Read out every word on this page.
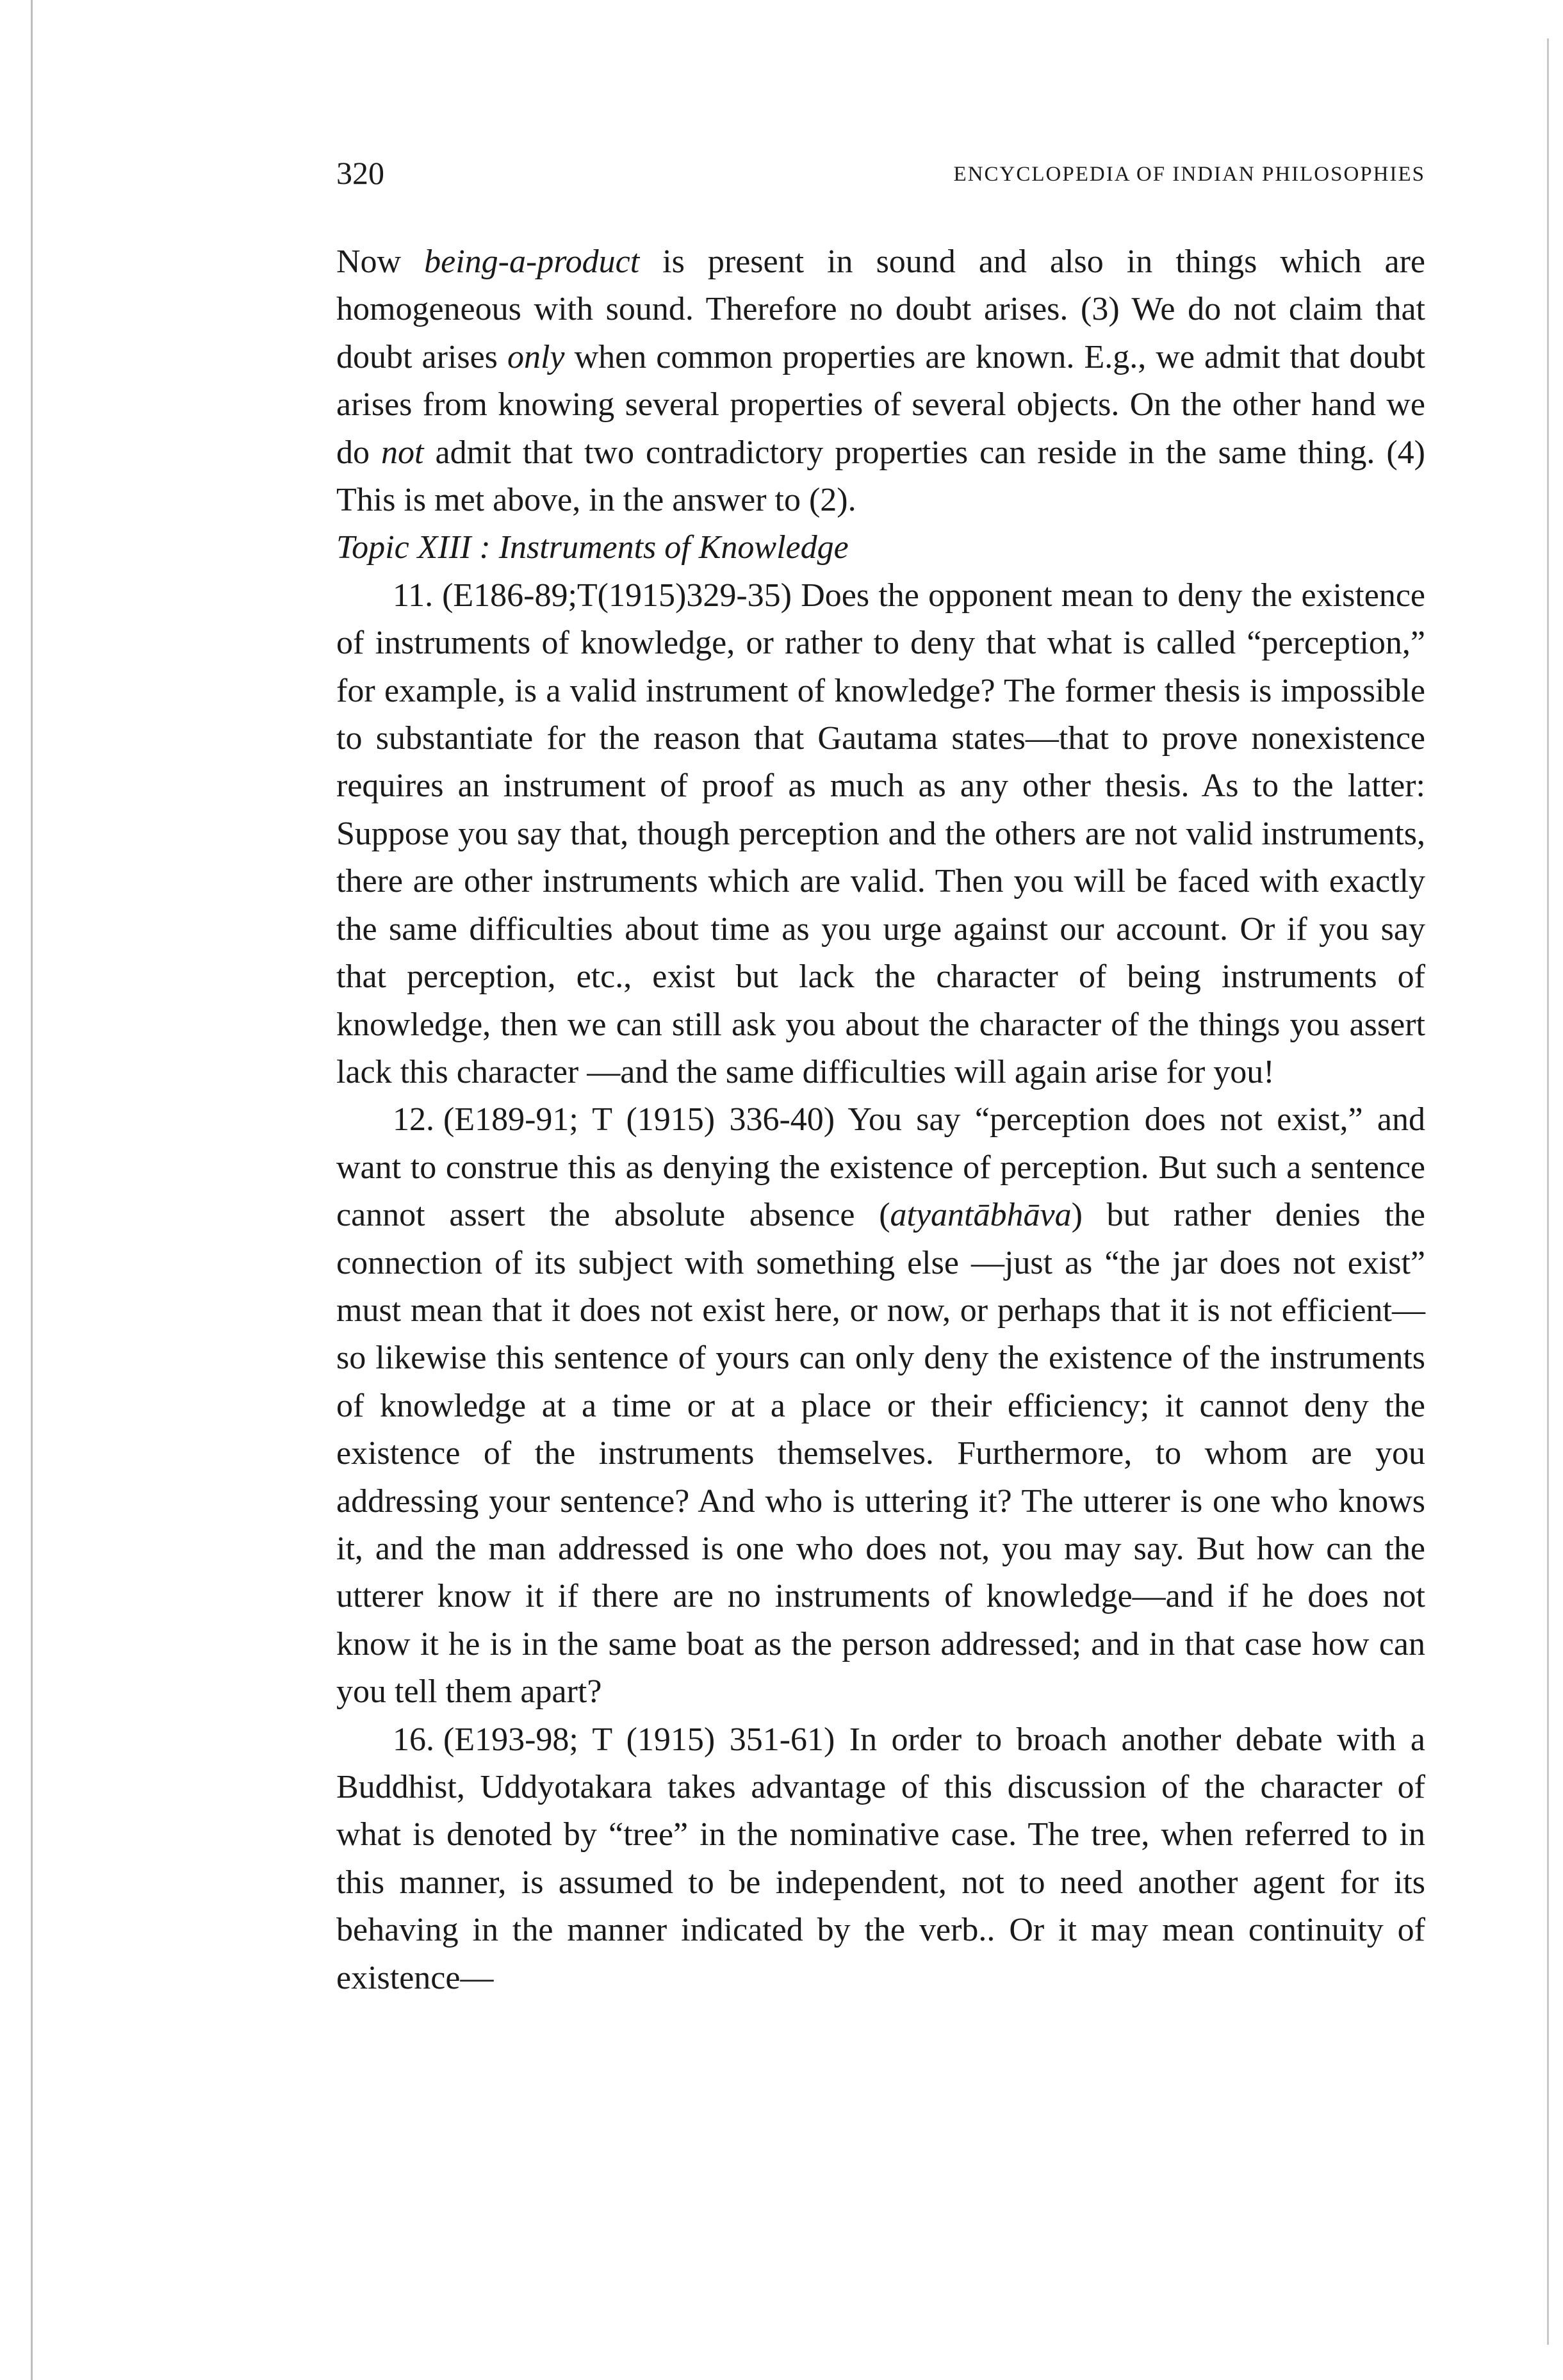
320	ENCYCLOPEDIA OF INDIAN PHILOSOPHIES

Now being-a-product is present in sound and also in things which are homogeneous with sound. Therefore no doubt arises. (3) We do not claim that doubt arises only when common properties are known. E.g., we admit that doubt arises from knowing several properties of several objects. On the other hand we do not admit that two contradictory properties can reside in the same thing. (4) This is met above, in the answer to (2).

Topic XIII : Instruments of Knowledge

11. (E186-89;T(1915)329-35) Does the opponent mean to deny the existence of instruments of knowledge, or rather to deny that what is called “perception,” for example, is a valid instrument of knowledge? The former thesis is impossible to substantiate for the reason that Gautama states—that to prove nonexistence requires an instrument of proof as much as any other thesis. As to the latter: Suppose you say that, though perception and the others are not valid instruments, there are other instruments which are valid. Then you will be faced with exactly the same difficulties about time as you urge against our account. Or if you say that perception, etc., exist but lack the character of being instruments of knowledge, then we can still ask you about the character of the things you assert lack this character —and the same difficulties will again arise for you!

12. (E189-91; T (1915) 336-40) You say “perception does not exist,” and want to construe this as denying the existence of perception. But such a sentence cannot assert the absolute absence (atyantābhāva) but rather denies the connection of its subject with something else —just as “the jar does not exist” must mean that it does not exist here, or now, or perhaps that it is not efficient—so likewise this sentence of yours can only deny the existence of the instruments of knowledge at a time or at a place or their efficiency; it cannot deny the existence of the instruments themselves. Furthermore, to whom are you addressing your sentence? And who is uttering it? The utterer is one who knows it, and the man addressed is one who does not, you may say. But how can the utterer know it if there are no instruments of knowledge—and if he does not know it he is in the same boat as the person addressed; and in that case how can you tell them apart?

16. (E193-98; T (1915) 351-61) In order to broach another debate with a Buddhist, Uddyotakara takes advantage of this discussion of the character of what is denoted by “tree” in the nominative case. The tree, when referred to in this manner, is assumed to be independent, not to need another agent for its behaving in the manner indicated by the verb.. Or it may mean continuity of existence—
